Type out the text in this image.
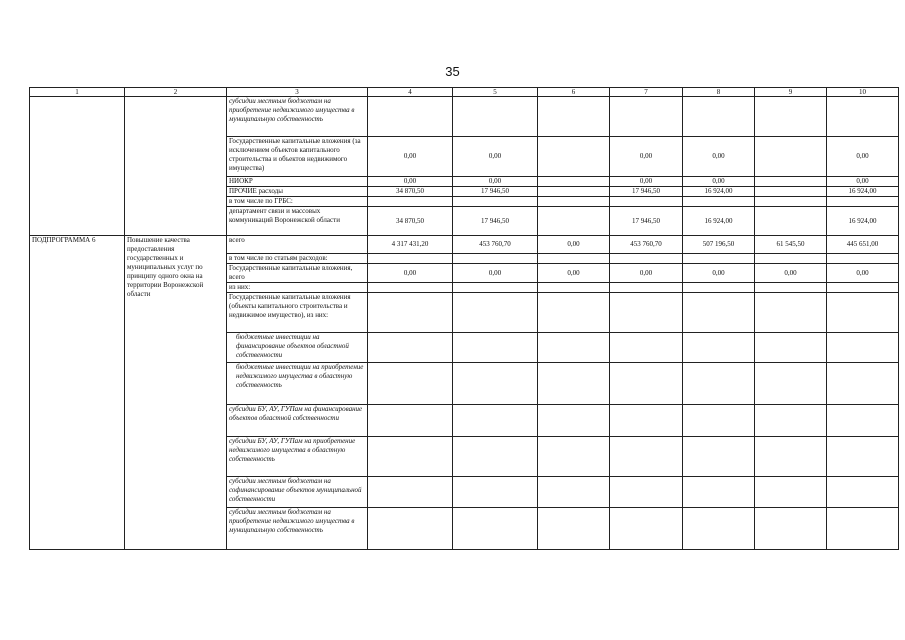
35
1	2	3	4	5	6	7	8	9	10
		субсидии местным бюджетам на приобретение недвижимого имущества в муниципальную собственность							
		Государственные капитальные вложения (за исключением объектов капитального строительства и объектов недвижимого имущества)	0,00	0,00		0,00	0,00		0,00
		НИОКР	0,00	0,00		0,00	0,00		0,00
		ПРОЧИЕ расходы	34 870,50	17 946,50		17 946,50	16 924,00		16 924,00
		в том числе по ГРБС:							
		департамент связи и массовых коммуникаций Воронежской области	34 870,50	17 946,50		17 946,50	16 924,00		16 924,00
ПОДПРОГРАММА 6	Повышение качества предоставления государственных и муниципальных услуг по принципу одного окна на территории Воронежской области	всего	4 317 431,20	453 760,70	0,00	453 760,70	507 196,50	61 545,50	445 651,00
		в том числе по статьям расходов:							
		Государственные капитальные вложения, всего	0,00	0,00	0,00	0,00	0,00	0,00	0,00
		из них:							
		Государственные капитальные вложения (объекты капитального строительства и недвижимое имущество), из них:							
		бюджетные инвестиции на финансирование объектов областной собственности							
		бюджетные инвестиции на приобретение недвижимого имущества в областную собственность							
		субсидии БУ, АУ, ГУПам на финансирование объектов областной собственности							
		субсидии БУ, АУ, ГУПам на приобретение недвижимого имущества в областную собственность							
		субсидии местным бюджетам на софинансирование объектов муниципальной собственности							
		субсидии местным бюджетам на приобретение недвижимого имущества в муниципальную собственность							
